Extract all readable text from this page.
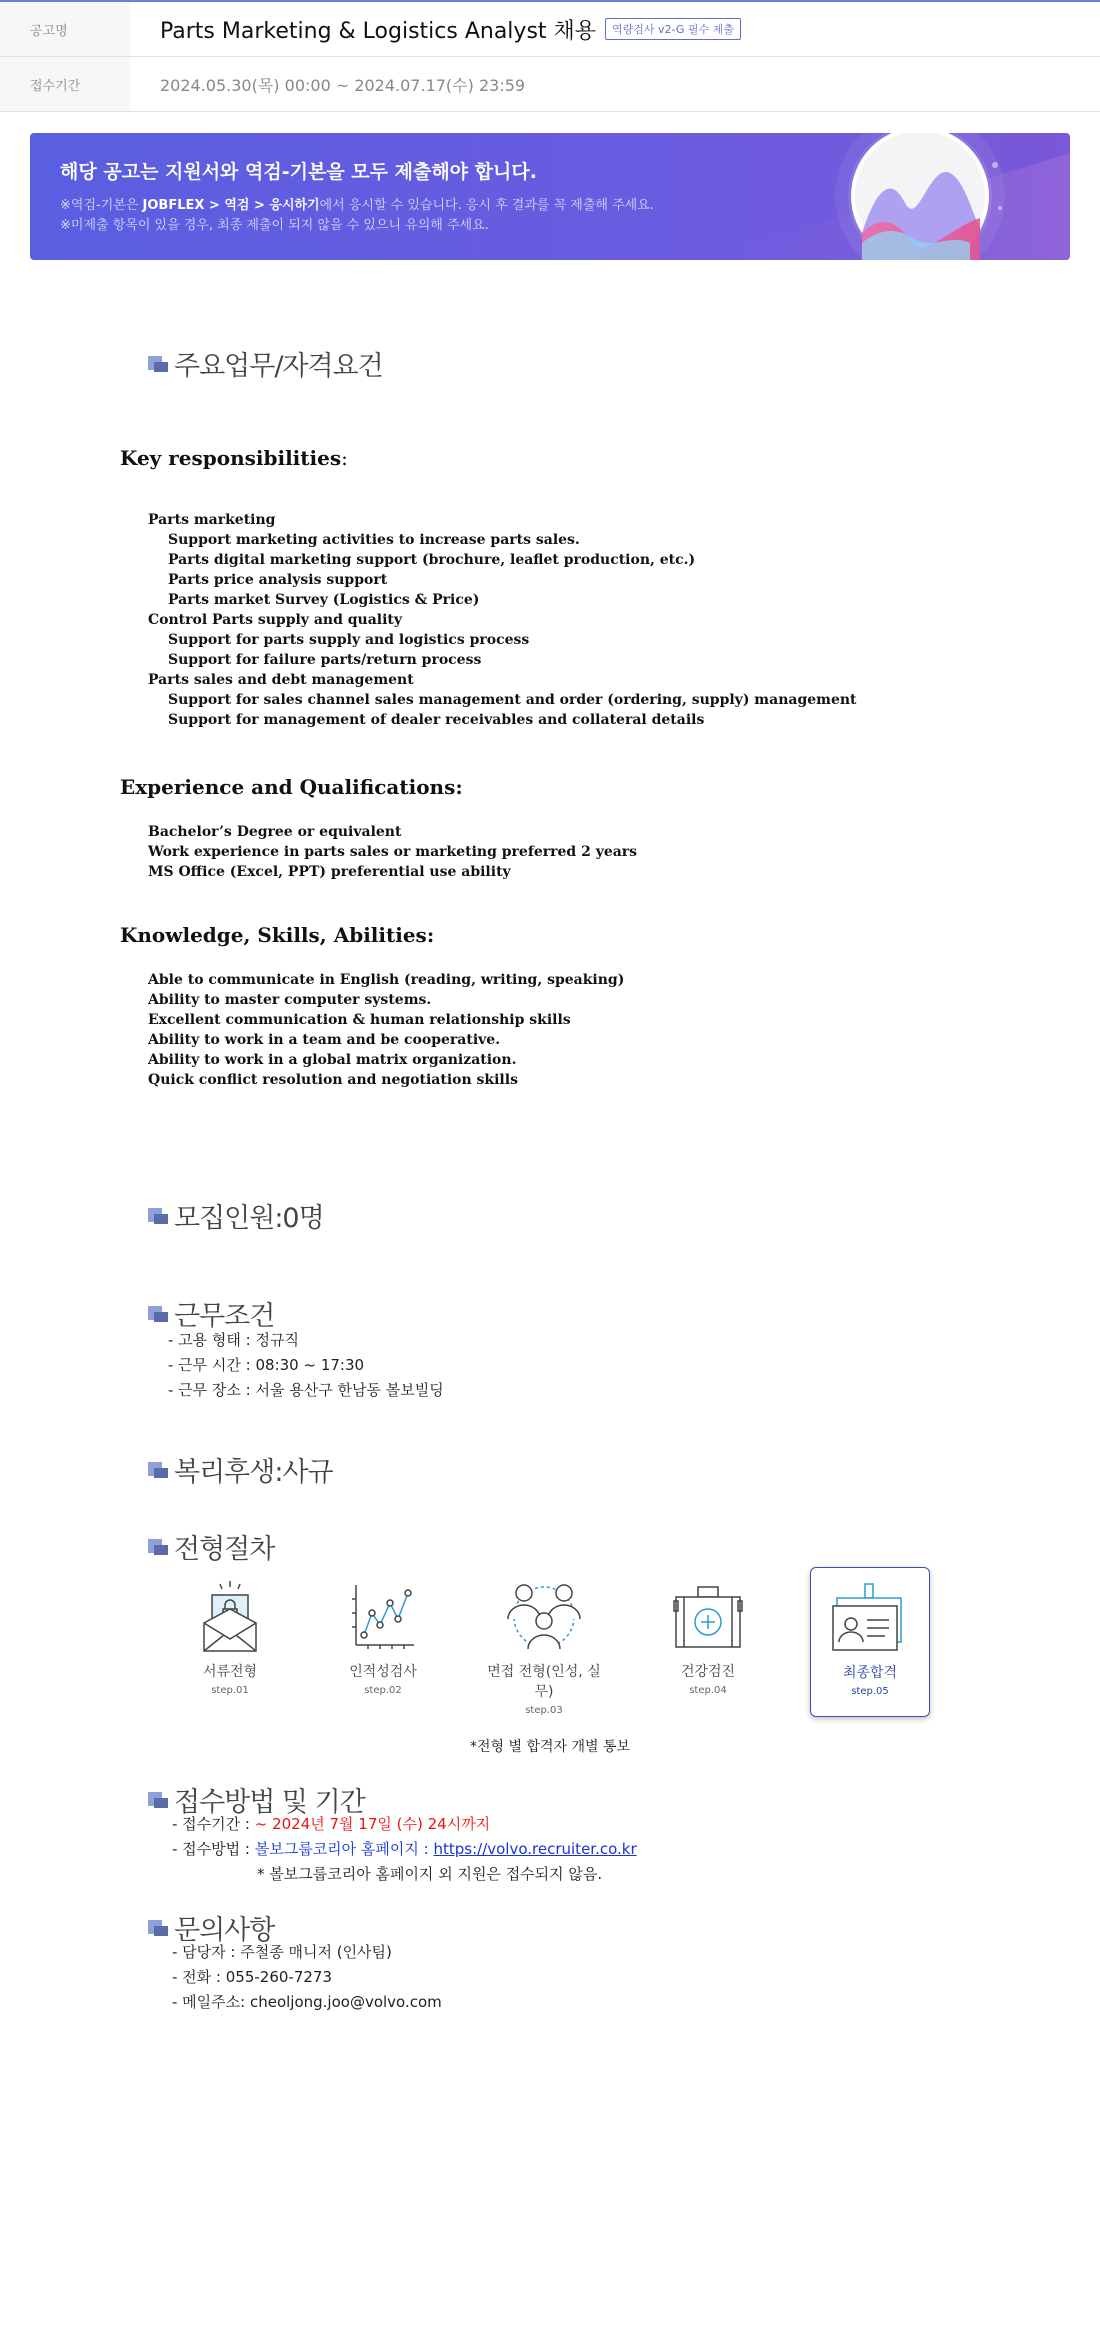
공고명	Parts Marketing & Logistics Analyst 채용	역량검사 v2-G 필수 제출
접수기간	2024.05.30(목) 00:00 ~ 2024.07.17(수) 23:59
해당 공고는 지원서와 역검-기본을 모두 제출해야 합니다.
※역검-기본은 JOBFLEX > 역검 > 응시하기에서 응시할 수 있습니다. 응시 후 결과를 꼭 제출해 주세요.
※미제출 항목이 있을 경우, 최종 제출이 되지 않을 수 있으니 유의해 주세요.
주요업무/자격요건
Key responsibilities:
Parts marketing
Support marketing activities to increase parts sales.
Parts digital marketing support (brochure, leaflet production, etc.)
Parts price analysis support
Parts market Survey (Logistics & Price)
Control Parts supply and quality
Support for parts supply and logistics process
Support for failure parts/return process
Parts sales and debt management
Support for sales channel sales management and order (ordering, supply) management
Support for management of dealer receivables and collateral details
Experience and Qualifications:
Bachelor’s Degree or equivalent
Work experience in parts sales or marketing preferred 2 years
MS Office (Excel, PPT) preferential use ability
Knowledge, Skills, Abilities:
Able to communicate in English (reading, writing, speaking)
Ability to master computer systems.
Excellent communication & human relationship skills
Ability to work in a team and be cooperative.
Ability to work in a global matrix organization.
Quick conflict resolution and negotiation skills
모집인원:0명
근무조건
- 고용 형태 : 정규직
- 근무 시간 : 08:30 ~ 17:30
- 근무 장소 : 서울 용산구 한남동 볼보빌딩
복리후생:사규
전형절차
서류전형
step.01
인적성검사
step.02
면접 전형(인성, 실무)
step.03
건강검진
step.04
최종합격
step.05
*전형 별 합격자 개별 통보
접수방법 및 기간
- 접수기간 : ~ 2024년 7월 17일 (수) 24시까지
- 접수방법 : 볼보그룹코리아 홈페이지 : https://volvo.recruiter.co.kr
* 볼보그룹코리아 홈페이지 외 지원은 접수되지 않음.
문의사항
- 담당자 : 주철종 매니저 (인사팀)
- 전화 : 055-260-7273
- 메일주소: cheoljong.joo@volvo.com
